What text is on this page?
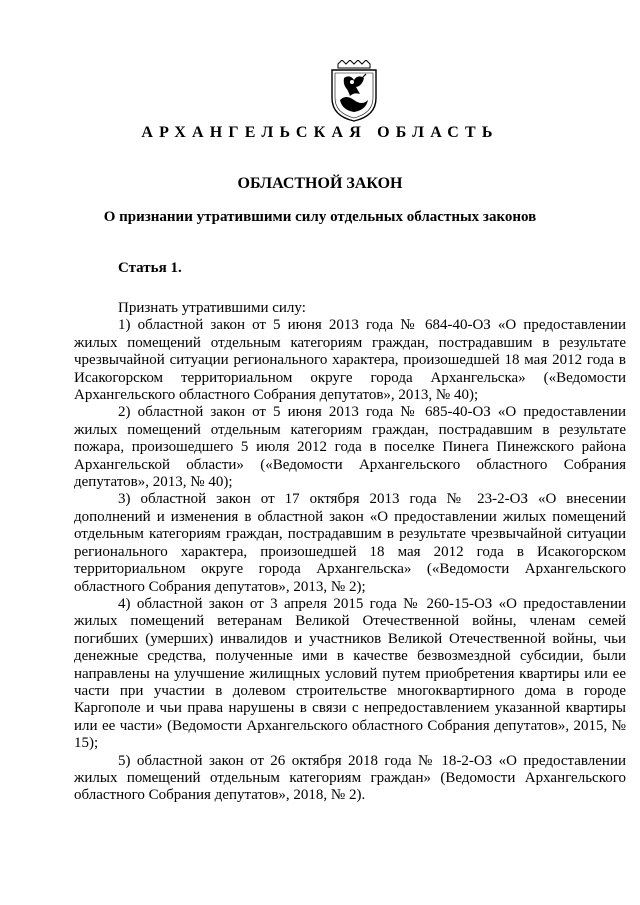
АРХАНГЕЛЬСКАЯ ОБЛАСТЬ
ОБЛАСТНОЙ ЗАКОН
О признании утратившими силу отдельных областных законов
Статья 1.

Признать утратившими силу:

1) областной закон от 5 июня 2013 года № 684-40-ОЗ «О предоставлении жилых помещений отдельным категориям граждан, пострадавшим в результате чрезвычайной ситуации регионального характера, произошедшей 18 мая 2012 года в Исакогорском территориальном округе города Архангельска» («Ведомости Архангельского областного Собрания депутатов», 2013, № 40);

2) областной закон от 5 июня 2013 года № 685-40-ОЗ «О предоставлении жилых помещений отдельным категориям граждан, пострадавшим в результате пожара, произошедшего 5 июля 2012 года в поселке Пинега Пинежского района Архангельской области» («Ведомости Архангельского областного Собрания депутатов», 2013, № 40);

3) областной закон от 17 октября 2013 года № 23-2-ОЗ «О внесении дополнений и изменения в областной закон «О предоставлении жилых помещений отдельным категориям граждан, пострадавшим в результате чрезвычайной ситуации регионального характера, произошедшей 18 мая 2012 года в Исакогорском территориальном округе города Архангельска» («Ведомости Архангельского областного Собрания депутатов», 2013, № 2);

4) областной закон от 3 апреля 2015 года № 260-15-ОЗ «О предоставлении жилых помещений ветеранам Великой Отечественной войны, членам семей погибших (умерших) инвалидов и участников Великой Отечественной войны, чьи денежные средства, полученные ими в качестве безвозмездной субсидии, были направлены на улучшение жилищных условий путем приобретения квартиры или ее части при участии в долевом строительстве многоквартирного дома в городе Каргополе и чьи права нарушены в связи с непредоставлением указанной квартиры или ее части» (Ведомости Архангельского областного Собрания депутатов», 2015, № 15);

5) областной закон от 26 октября 2018 года № 18-2-ОЗ «О предоставлении жилых помещений отдельным категориям граждан» (Ведомости Архангельского областного Собрания депутатов», 2018, № 2).
